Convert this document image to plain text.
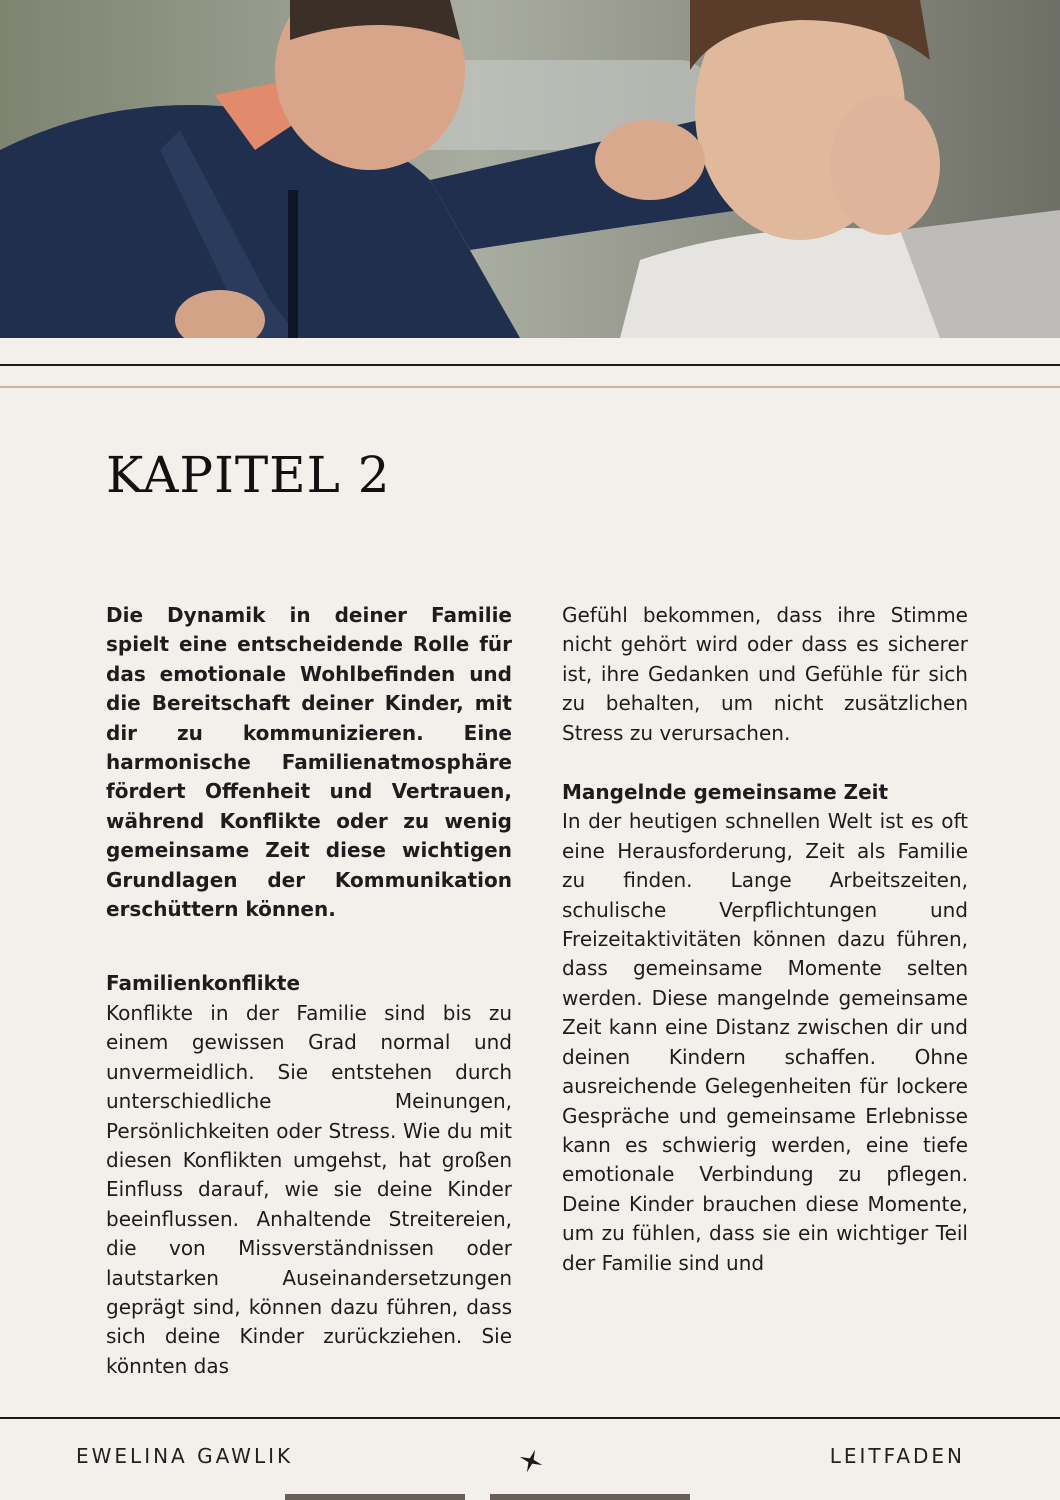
KAPITEL 2

Die Dynamik in deiner Familie spielt eine entscheidende Rolle für das emotionale Wohlbefinden und die Bereitschaft deiner Kinder, mit dir zu kommunizieren. Eine harmonische Familienatmosphäre fördert Offenheit und Vertrauen, während Konflikte oder zu wenig gemeinsame Zeit diese wichtigen Grundlagen der Kommunikation erschüttern können.

Familienkonflikte

Konflikte in der Familie sind bis zu einem gewissen Grad normal und unvermeidlich. Sie entstehen durch unterschiedliche Meinungen, Persönlichkeiten oder Stress. Wie du mit diesen Konflikten umgehst, hat großen Einfluss darauf, wie sie deine Kinder beeinflussen. Anhaltende Streitereien, die von Missverständnissen oder lautstarken Auseinandersetzungen geprägt sind, können dazu führen, dass sich deine Kinder zurückziehen. Sie könnten das

Gefühl bekommen, dass ihre Stimme nicht gehört wird oder dass es sicherer ist, ihre Gedanken und Gefühle für sich zu behalten, um nicht zusätzlichen Stress zu verursachen.

Mangelnde gemeinsame Zeit

In der heutigen schnellen Welt ist es oft eine Herausforderung, Zeit als Familie zu finden. Lange Arbeitszeiten, schulische Verpflichtungen und Freizeitaktivitäten können dazu führen, dass gemeinsame Momente selten werden. Diese mangelnde gemeinsame Zeit kann eine Distanz zwischen dir und deinen Kindern schaffen. Ohne ausreichende Gelegenheiten für lockere Gespräche und gemeinsame Erlebnisse kann es schwierig werden, eine tiefe emotionale Verbindung zu pflegen. Deine Kinder brauchen diese Momente, um zu fühlen, dass sie ein wichtiger Teil der Familie sind und

EWELINA GAWLIK	LEITFADEN
